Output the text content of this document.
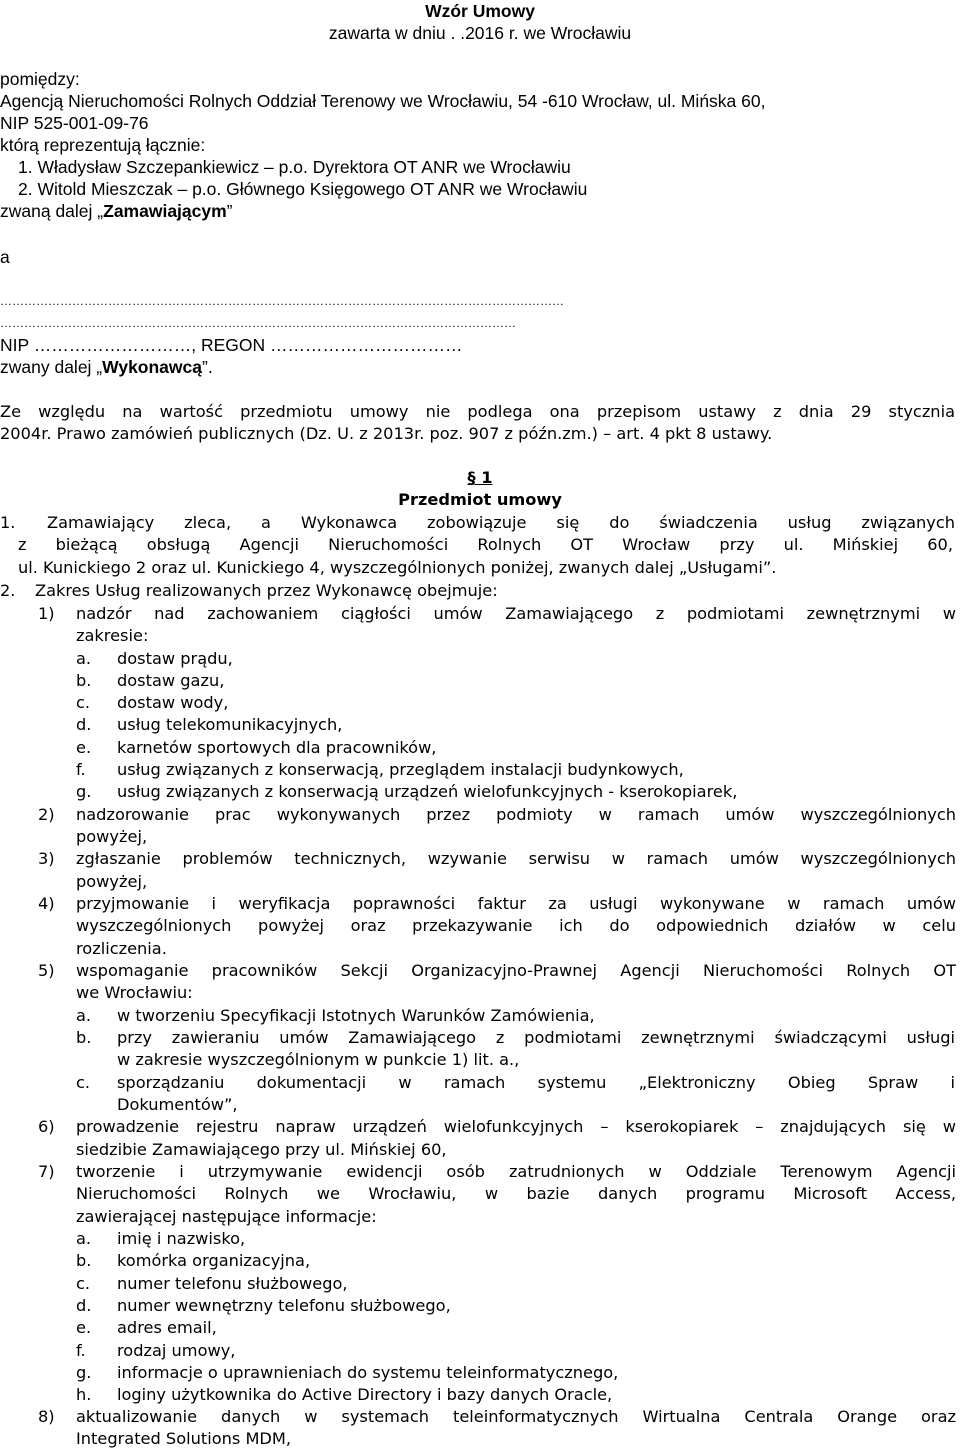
Wzór Umowy
zawarta w dniu . .2016 r. we Wrocławiu
pomiędzy:
Agencją Nieruchomości Rolnych Oddział Terenowy we Wrocławiu, 54 -610 Wrocław, ul. Mińska 60,
NIP 525-001-09-76
którą reprezentują łącznie:
1. Władysław Szczepankiewicz – p.o. Dyrektora OT ANR we Wrocławiu
2. Witold Mieszczak – p.o. Głównego Księgowego OT ANR we Wrocławiu
zwaną dalej „Zamawiającym”
a
……………………………………………………………………………………………………………………………
…………………………………………………………………………………………………………………
NIP ………………………, REGON ……………………………
zwany dalej „Wykonawcą”.
Ze względu na wartość przedmiotu umowy nie podlega ona przepisom ustawy z dnia 29 stycznia
2004r. Prawo zamówień publicznych (Dz. U. z 2013r. poz. 907 z późn.zm.) – art. 4 pkt 8 ustawy.
§ 1
Przedmiot umowy
1. Zamawiający zleca, a Wykonawca zobowiązuje się do świadczenia usług związanych
z bieżącą obsługą Agencji Nieruchomości Rolnych OT Wrocław przy ul. Mińskiej 60,
ul. Kunickiego 2 oraz ul. Kunickiego 4, wyszczególnionych poniżej, zwanych dalej „Usługami”.
2. Zakres Usług realizowanych przez Wykonawcę obejmuje:
1) nadzór nad zachowaniem ciągłości umów Zamawiającego z podmiotami zewnętrznymi w
zakresie:
a. dostaw prądu,
b. dostaw gazu,
c. dostaw wody,
d. usług telekomunikacyjnych,
e. karnetów sportowych dla pracowników,
f. usług związanych z konserwacją, przeglądem instalacji budynkowych,
g. usług związanych z konserwacją urządzeń wielofunkcyjnych - kserokopiarek,
2) nadzorowanie prac wykonywanych przez podmioty w ramach umów wyszczególnionych
powyżej,
3) zgłaszanie problemów technicznych, wzywanie serwisu w ramach umów wyszczególnionych
powyżej,
4) przyjmowanie i weryfikacja poprawności faktur za usługi wykonywane w ramach umów
wyszczególnionych powyżej oraz przekazywanie ich do odpowiednich działów w celu
rozliczenia.
5) wspomaganie pracowników Sekcji Organizacyjno-Prawnej Agencji Nieruchomości Rolnych OT
we Wrocławiu:
a. w tworzeniu Specyfikacji Istotnych Warunków Zamówienia,
b. przy zawieraniu umów Zamawiającego z podmiotami zewnętrznymi świadczącymi usługi
w zakresie wyszczególnionym w punkcie 1) lit. a.,
c. sporządzaniu dokumentacji w ramach systemu „Elektroniczny Obieg Spraw i
Dokumentów”,
6) prowadzenie rejestru napraw urządzeń wielofunkcyjnych – kserokopiarek – znajdujących się w
siedzibie Zamawiającego przy ul. Mińskiej 60,
7) tworzenie i utrzymywanie ewidencji osób zatrudnionych w Oddziale Terenowym Agencji
Nieruchomości Rolnych we Wrocławiu, w bazie danych programu Microsoft Access,
zawierającej następujące informacje:
a. imię i nazwisko,
b. komórka organizacyjna,
c. numer telefonu służbowego,
d. numer wewnętrzny telefonu służbowego,
e. adres email,
f. rodzaj umowy,
g. informacje o uprawnieniach do systemu teleinformatycznego,
h. loginy użytkownika do Active Directory i bazy danych Oracle,
8) aktualizowanie danych w systemach teleinformatycznych Wirtualna Centrala Orange oraz
Integrated Solutions MDM,
